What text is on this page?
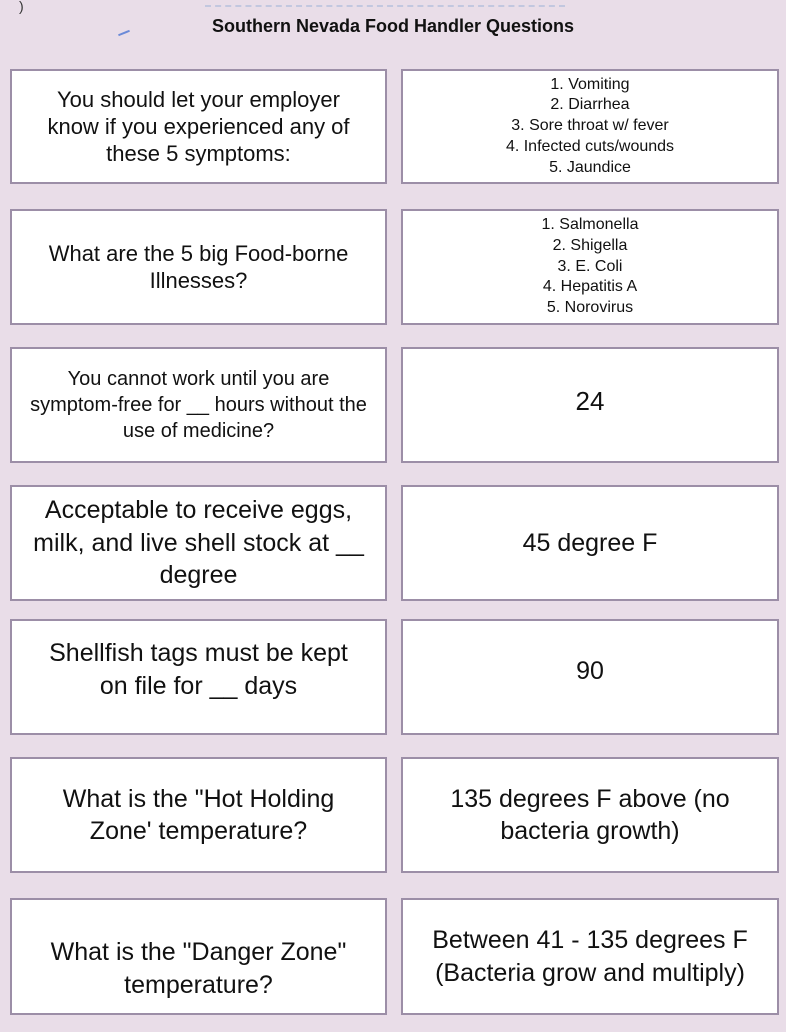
)
Southern Nevada Food Handler Questions
You should let your employer know if you experienced any of these 5 symptoms:
1. Vomiting
2. Diarrhea
3. Sore throat w/ fever
4. Infected cuts/wounds
5. Jaundice
What are the 5 big Food-borne Illnesses?
1. Salmonella
2. Shigella
3. E. Coli
4. Hepatitis A
5. Norovirus
You cannot work until you are symptom-free for __ hours without the use of medicine?
24
Acceptable to receive eggs, milk, and live shell stock at __ degree
45 degree F
Shellfish tags must be kept on file for __ days
90
What is the "Hot Holding Zone' temperature?
135 degrees F above (no bacteria growth)
What is the "Danger Zone" temperature?
Between 41 - 135 degrees F (Bacteria grow and multiply)
